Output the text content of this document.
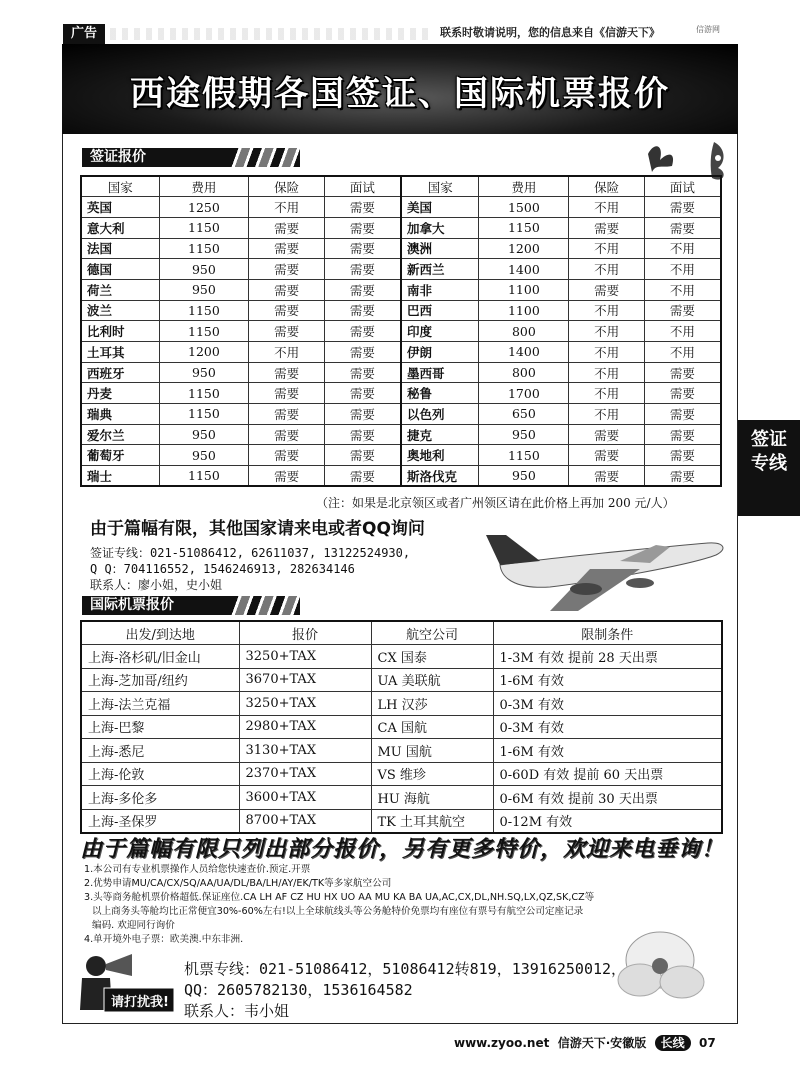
广告	联系时敬请说明，您的信息来自《信游天下》	信游网
西途假期各国签证、国际机票报价
签证报价
国家	费用	保险	面试	国家	费用	保险	面试
英国	1250	不用	需要	美国	1500	不用	需要
意大利	1150	需要	需要	加拿大	1150	需要	需要
法国	1150	需要	需要	澳洲	1200	不用	不用
德国	950	需要	需要	新西兰	1400	不用	不用
荷兰	950	需要	需要	南非	1100	需要	不用
波兰	1150	需要	需要	巴西	1100	不用	需要
比利时	1150	需要	需要	印度	800	不用	不用
土耳其	1200	不用	需要	伊朗	1400	不用	不用
西班牙	950	需要	需要	墨西哥	800	不用	需要
丹麦	1150	需要	需要	秘鲁	1700	不用	需要
瑞典	1150	需要	需要	以色列	650	不用	需要
爱尔兰	950	需要	需要	捷克	950	需要	需要
葡萄牙	950	需要	需要	奥地利	1150	需要	需要
瑞士	1150	需要	需要	斯洛伐克	950	需要	需要
（注：如果是北京领区或者广州领区请在此价格上再加 200 元/人）
由于篇幅有限，其他国家请来电或者QQ询问
签证专线：021-51086412, 62611037, 13122524930,
Q Q：704116552, 1546246913, 282634146
联系人：廖小姐，史小姐
国际机票报价
出发/到达地	报价	航空公司	限制条件
上海-洛杉矶/旧金山	3250+TAX	CX 国泰	1-3M 有效 提前 28 天出票
上海-芝加哥/纽约	3670+TAX	UA 美联航	1-6M 有效
上海-法兰克福	3250+TAX	LH 汉莎	0-3M 有效
上海-巴黎	2980+TAX	CA 国航	0-3M 有效
上海-悉尼	3130+TAX	MU 国航	1-6M 有效
上海-伦敦	2370+TAX	VS 维珍	0-60D 有效 提前 60 天出票
上海-多伦多	3600+TAX	HU 海航	0-6M 有效 提前 30 天出票
上海-圣保罗	8700+TAX	TK 土耳其航空	0-12M 有效
由于篇幅有限只列出部分报价，另有更多特价，欢迎来电垂询！
1.本公司有专业机票操作人员给您快速查价.预定.开票
2.优势申请MU/CA/CX/SQ/AA/UA/DL/BA/LH/AY/EK/TK等多家航空公司
3.头等商务舱机票价格超低.保证座位.CA LH AF CZ HU HX UO AA MU KA BA UA,AC,CX,DL,NH.SQ,LX,QZ,SK,CZ等
以上商务头等舱均比正常便宜30%-60%左右!以上全球航线头等公务舱特价免票均有座位有票号有航空公司定座记录
编码. 欢迎同行询价
4.单开境外电子票：欧美澳.中东非洲.
请打扰我!
机票专线：021-51086412，51086412转819，13916250012，
QQ：2605782130，1536164582
联系人：韦小姐
www.zyoo.net 信游天下·安徽版 长线 07
签证
专线
